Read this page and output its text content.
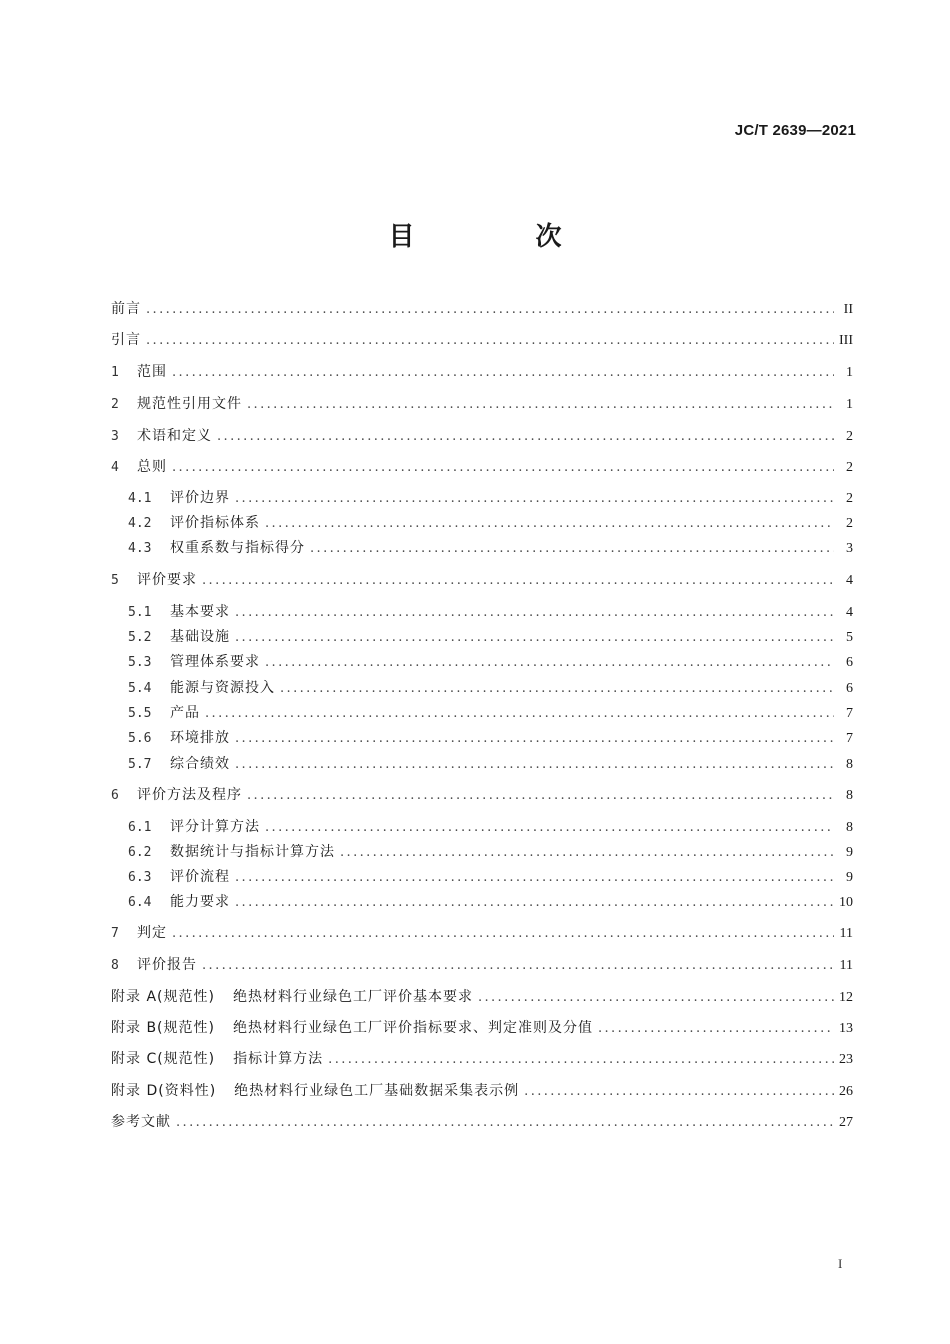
JC/T 2639—2021
目 次
前言 .....	II
引言 .....	III
1	范围 .....	1
2	规范性引用文件 .....	1
3	术语和定义 .....	2
4	总则 .....	2
4.1	评价边界 .....	2
4.2	评价指标体系 .....	2
4.3	权重系数与指标得分 .....	3
5	评价要求 .....	4
5.1	基本要求 .....	4
5.2	基础设施 .....	5
5.3	管理体系要求 .....	6
5.4	能源与资源投入 .....	6
5.5	产品 .....	7
5.6	环境排放 .....	7
5.7	综合绩效 .....	8
6	评价方法及程序 .....	8
6.1	评分计算方法 .....	8
6.2	数据统计与指标计算方法 .....	9
6.3	评价流程 .....	9
6.4	能力要求 .....	10
7	判定 .....	11
8	评价报告 .....	11
附录 A(规范性) 绝热材料行业绿色工厂评价基本要求 .....	12
附录 B(规范性) 绝热材料行业绿色工厂评价指标要求、判定准则及分值 .....	13
附录 C(规范性) 指标计算方法 .....	23
附录 D(资料性) 绝热材料行业绿色工厂基础数据采集表示例 .....	26
参考文献 .....	27
I
